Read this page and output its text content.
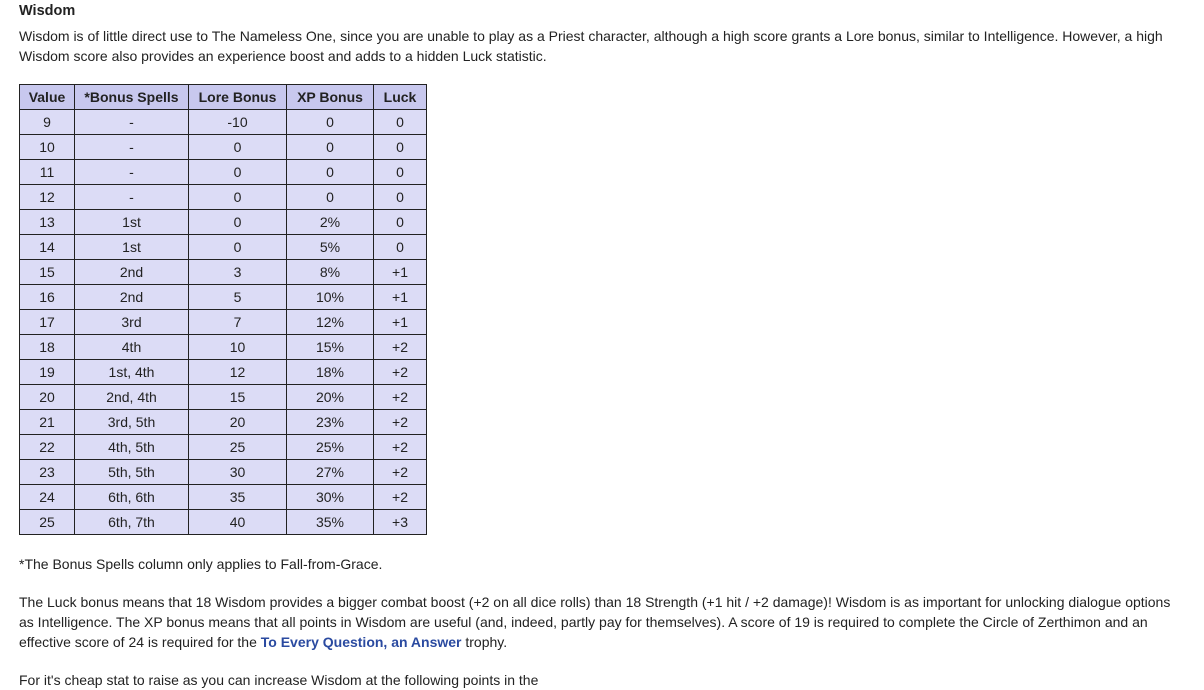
Wisdom

Wisdom is of little direct use to The Nameless One, since you are unable to play as a Priest character, although a high score grants a Lore bonus, similar to Intelligence. However, a high Wisdom score also provides an experience boost and adds to a hidden Luck statistic.

Value	*Bonus Spells	Lore Bonus	XP Bonus	Luck
9	-	-10	0	0
10	-	0	0	0
11	-	0	0	0
12	-	0	0	0
13	1st	0	2%	0
14	1st	0	5%	0
15	2nd	3	8%	+1
16	2nd	5	10%	+1
17	3rd	7	12%	+1
18	4th	10	15%	+2
19	1st, 4th	12	18%	+2
20	2nd, 4th	15	20%	+2
21	3rd, 5th	20	23%	+2
22	4th, 5th	25	25%	+2
23	5th, 5th	30	27%	+2
24	6th, 6th	35	30%	+2
25	6th, 7th	40	35%	+3

*The Bonus Spells column only applies to Fall-from-Grace.

The Luck bonus means that 18 Wisdom provides a bigger combat boost (+2 on all dice rolls) than 18 Strength (+1 hit / +2 damage)! Wisdom is as important for unlocking dialogue options as Intelligence. The XP bonus means that all points in Wisdom are useful (and, indeed, partly pay for themselves). A score of 19 is required to complete the Circle of Zerthimon and an effective score of 24 is required for the To Every Question, an Answer trophy.

For it's cheap stat to raise as you can increase Wisdom at the following points in the
